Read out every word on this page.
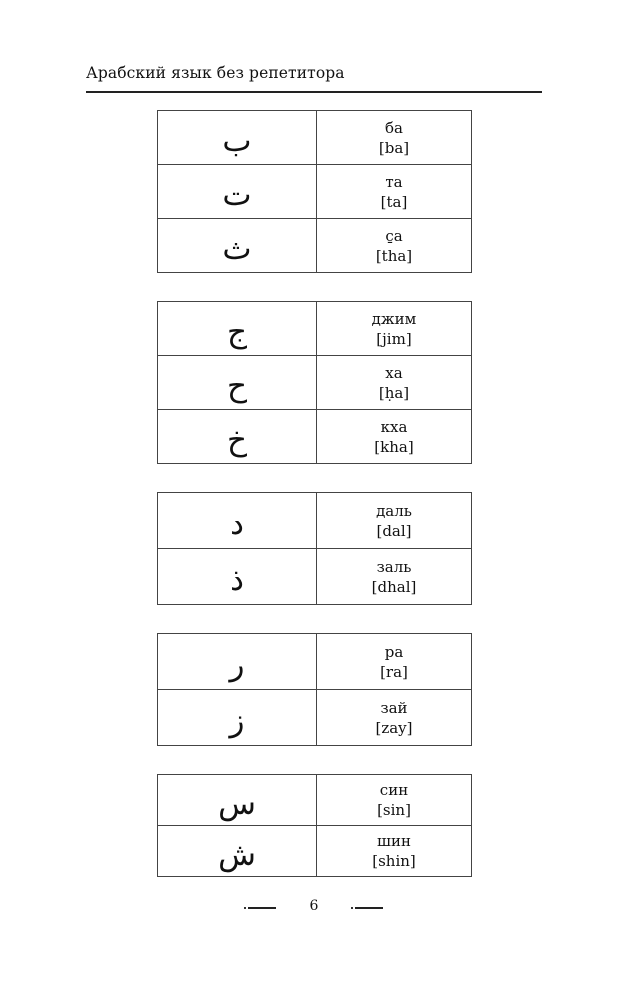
Арабский язык без репетитора
ب	ба
[ba]

ت	та
[ta]

ث	с̱а
[tha]
ج	джим
[jim]

ح	ха
[ḥa]

خ	кха
[kha]
د	даль
[dal]

ذ	заль
[dhal]
ر	ра
[ra]

ز	зай
[zay]
س	син
[sin]

ش	шин
[shin]
6
